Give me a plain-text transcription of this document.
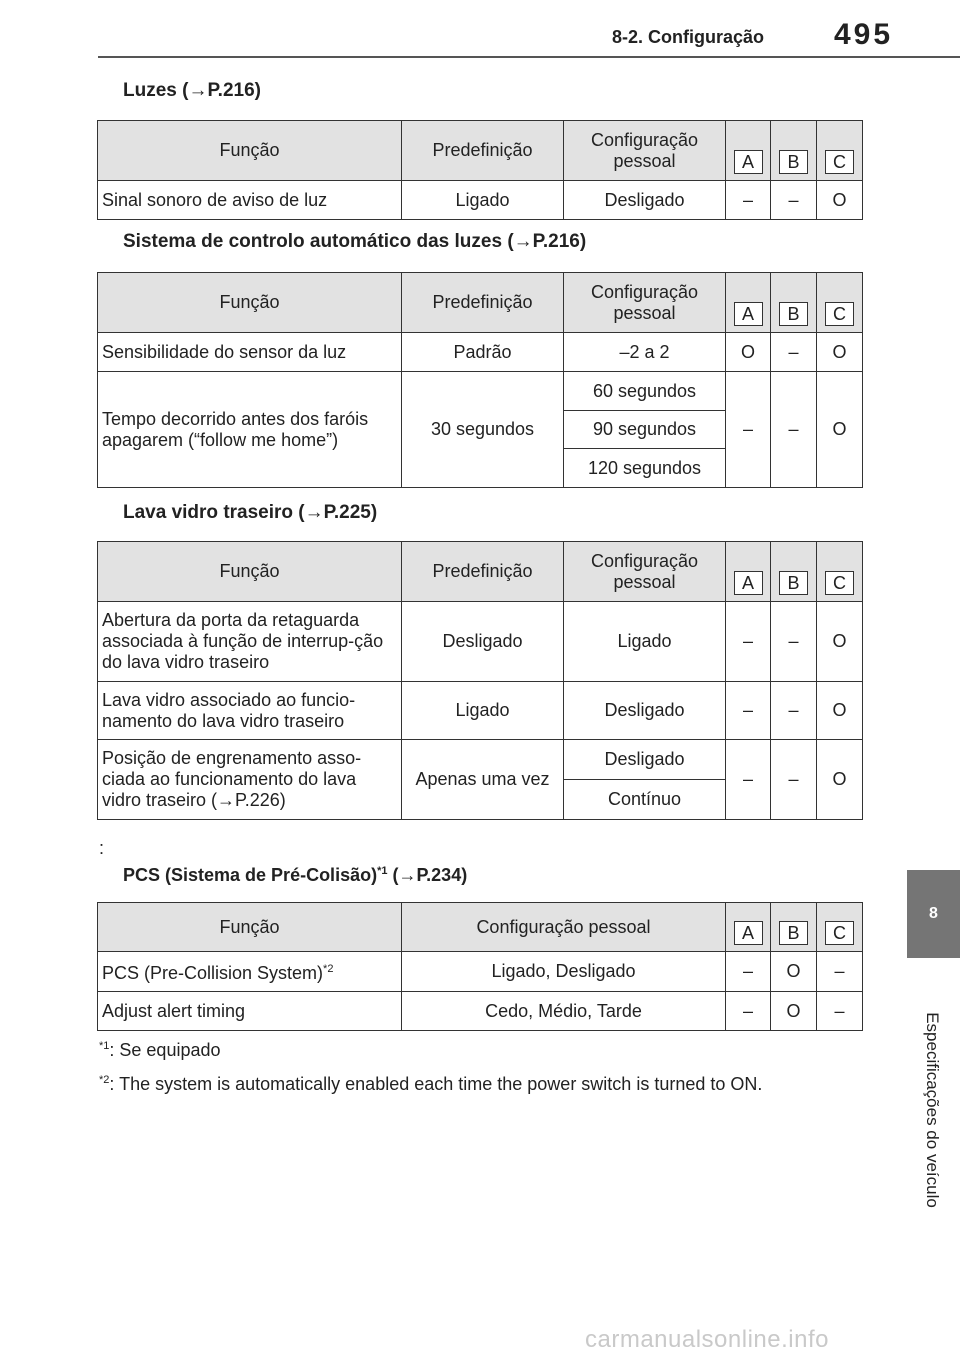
8-2. Configuração 495
8
Especificações do veículo
Luzes (→P.216)
Função	Predefinição	Configuração pessoal	A	B	C
Sinal sonoro de aviso de luz	Ligado	Desligado	–	–	O
Sistema de controlo automático das luzes (→P.216)
Função	Predefinição	Configuração pessoal	A	B	C
Sensibilidade do sensor da luz	Padrão	–2 a 2	O	–	O
Tempo decorrido antes dos faróis apagarem (“follow me home”)	30 segundos	60 segundos	–	–	O
		90 segundos			
		120 segundos			
Lava vidro traseiro (→P.225)
Função	Predefinição	Configuração pessoal	A	B	C
Abertura da porta da retaguarda associada à função de interrup-ção do lava vidro traseiro	Desligado	Ligado	–	–	O
Lava vidro associado ao funcio-namento do lava vidro traseiro	Ligado	Desligado	–	–	O
Posição de engrenamento asso-ciada ao funcionamento do lava vidro traseiro (→P.226)	Apenas uma vez	Desligado	–	–	O
		Contínuo			
:
PCS (Sistema de Pré-Colisão)$^{*1}$ (→P.234)
Função	Configuração pessoal	A	B	C
PCS (Pre-Collision System)$^{*2}$	Ligado, Desligado	–	O	–
Adjust alert timing	Cedo, Médio, Tarde	–	O	–
$^{*1}$: Se equipado
$^{*2}$: The system is automatically enabled each time the power switch is turned to ON.
carmanualsonline.info
